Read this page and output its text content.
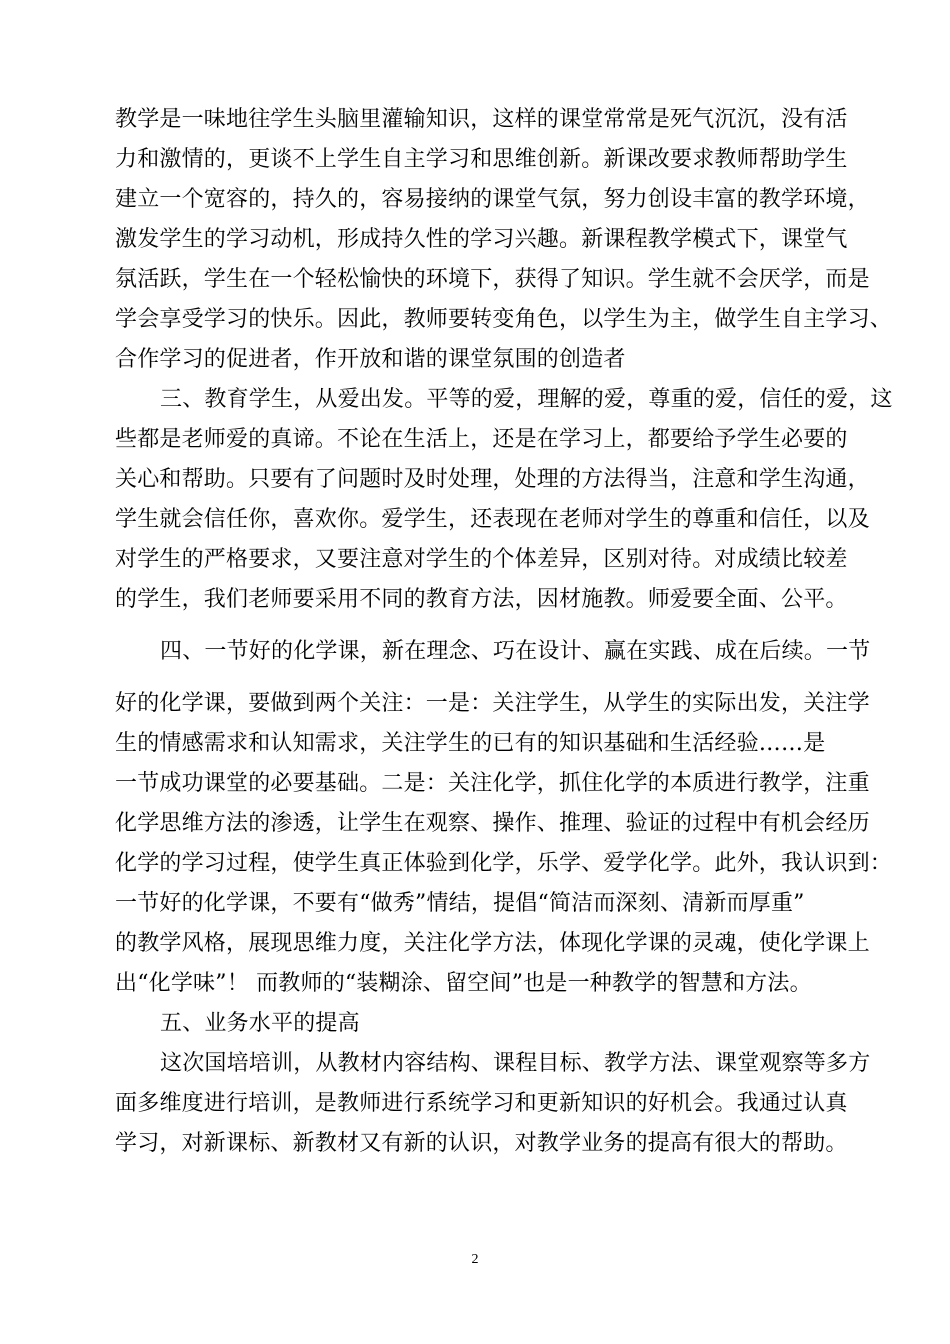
教学是一味地往学生头脑里灌输知识，这样的课堂常常是死气沉沉，没有活
力和激情的，更谈不上学生自主学习和思维创新。新课改要求教师帮助学生
建立一个宽容的，持久的，容易接纳的课堂气氛，努力创设丰富的教学环境，
激发学生的学习动机，形成持久性的学习兴趣。新课程教学模式下，课堂气
氛活跃，学生在一个轻松愉快的环境下，获得了知识。学生就不会厌学，而是
学会享受学习的快乐。因此，教师要转变角色，以学生为主，做学生自主学习、
合作学习的促进者，作开放和谐的课堂氛围的创造者
三、教育学生，从爱出发。平等的爱，理解的爱，尊重的爱，信任的爱，这
些都是老师爱的真谛。不论在生活上，还是在学习上，都要给予学生必要的
关心和帮助。只要有了问题时及时处理，处理的方法得当，注意和学生沟通，
学生就会信任你，喜欢你。爱学生，还表现在老师对学生的尊重和信任，以及
对学生的严格要求，又要注意对学生的个体差异，区别对待。对成绩比较差
的学生，我们老师要采用不同的教育方法，因材施教。师爱要全面、公平。
四、一节好的化学课，新在理念、巧在设计、赢在实践、成在后续。一节
好的化学课，要做到两个关注：一是：关注学生，从学生的实际出发，关注学
生的情感需求和认知需求，关注学生的已有的知识基础和生活经验……是
一节成功课堂的必要基础。二是：关注化学，抓住化学的本质进行教学，注重
化学思维方法的渗透，让学生在观察、操作、推理、验证的过程中有机会经历
化学的学习过程，使学生真正体验到化学，乐学、爱学化学。此外，我认识到：
一节好的化学课，不要有“做秀”情结，提倡“简洁而深刻、清新而厚重”
的教学风格，展现思维力度，关注化学方法，体现化学课的灵魂，使化学课上
出“化学味”！ 而教师的“装糊涂、留空间”也是一种教学的智慧和方法。
五、业务水平的提高
这次国培培训，从教材内容结构、课程目标、教学方法、课堂观察等多方
面多维度进行培训，是教师进行系统学习和更新知识的好机会。我通过认真
学习，对新课标、新教材又有新的认识，对教学业务的提高有很大的帮助。
2
